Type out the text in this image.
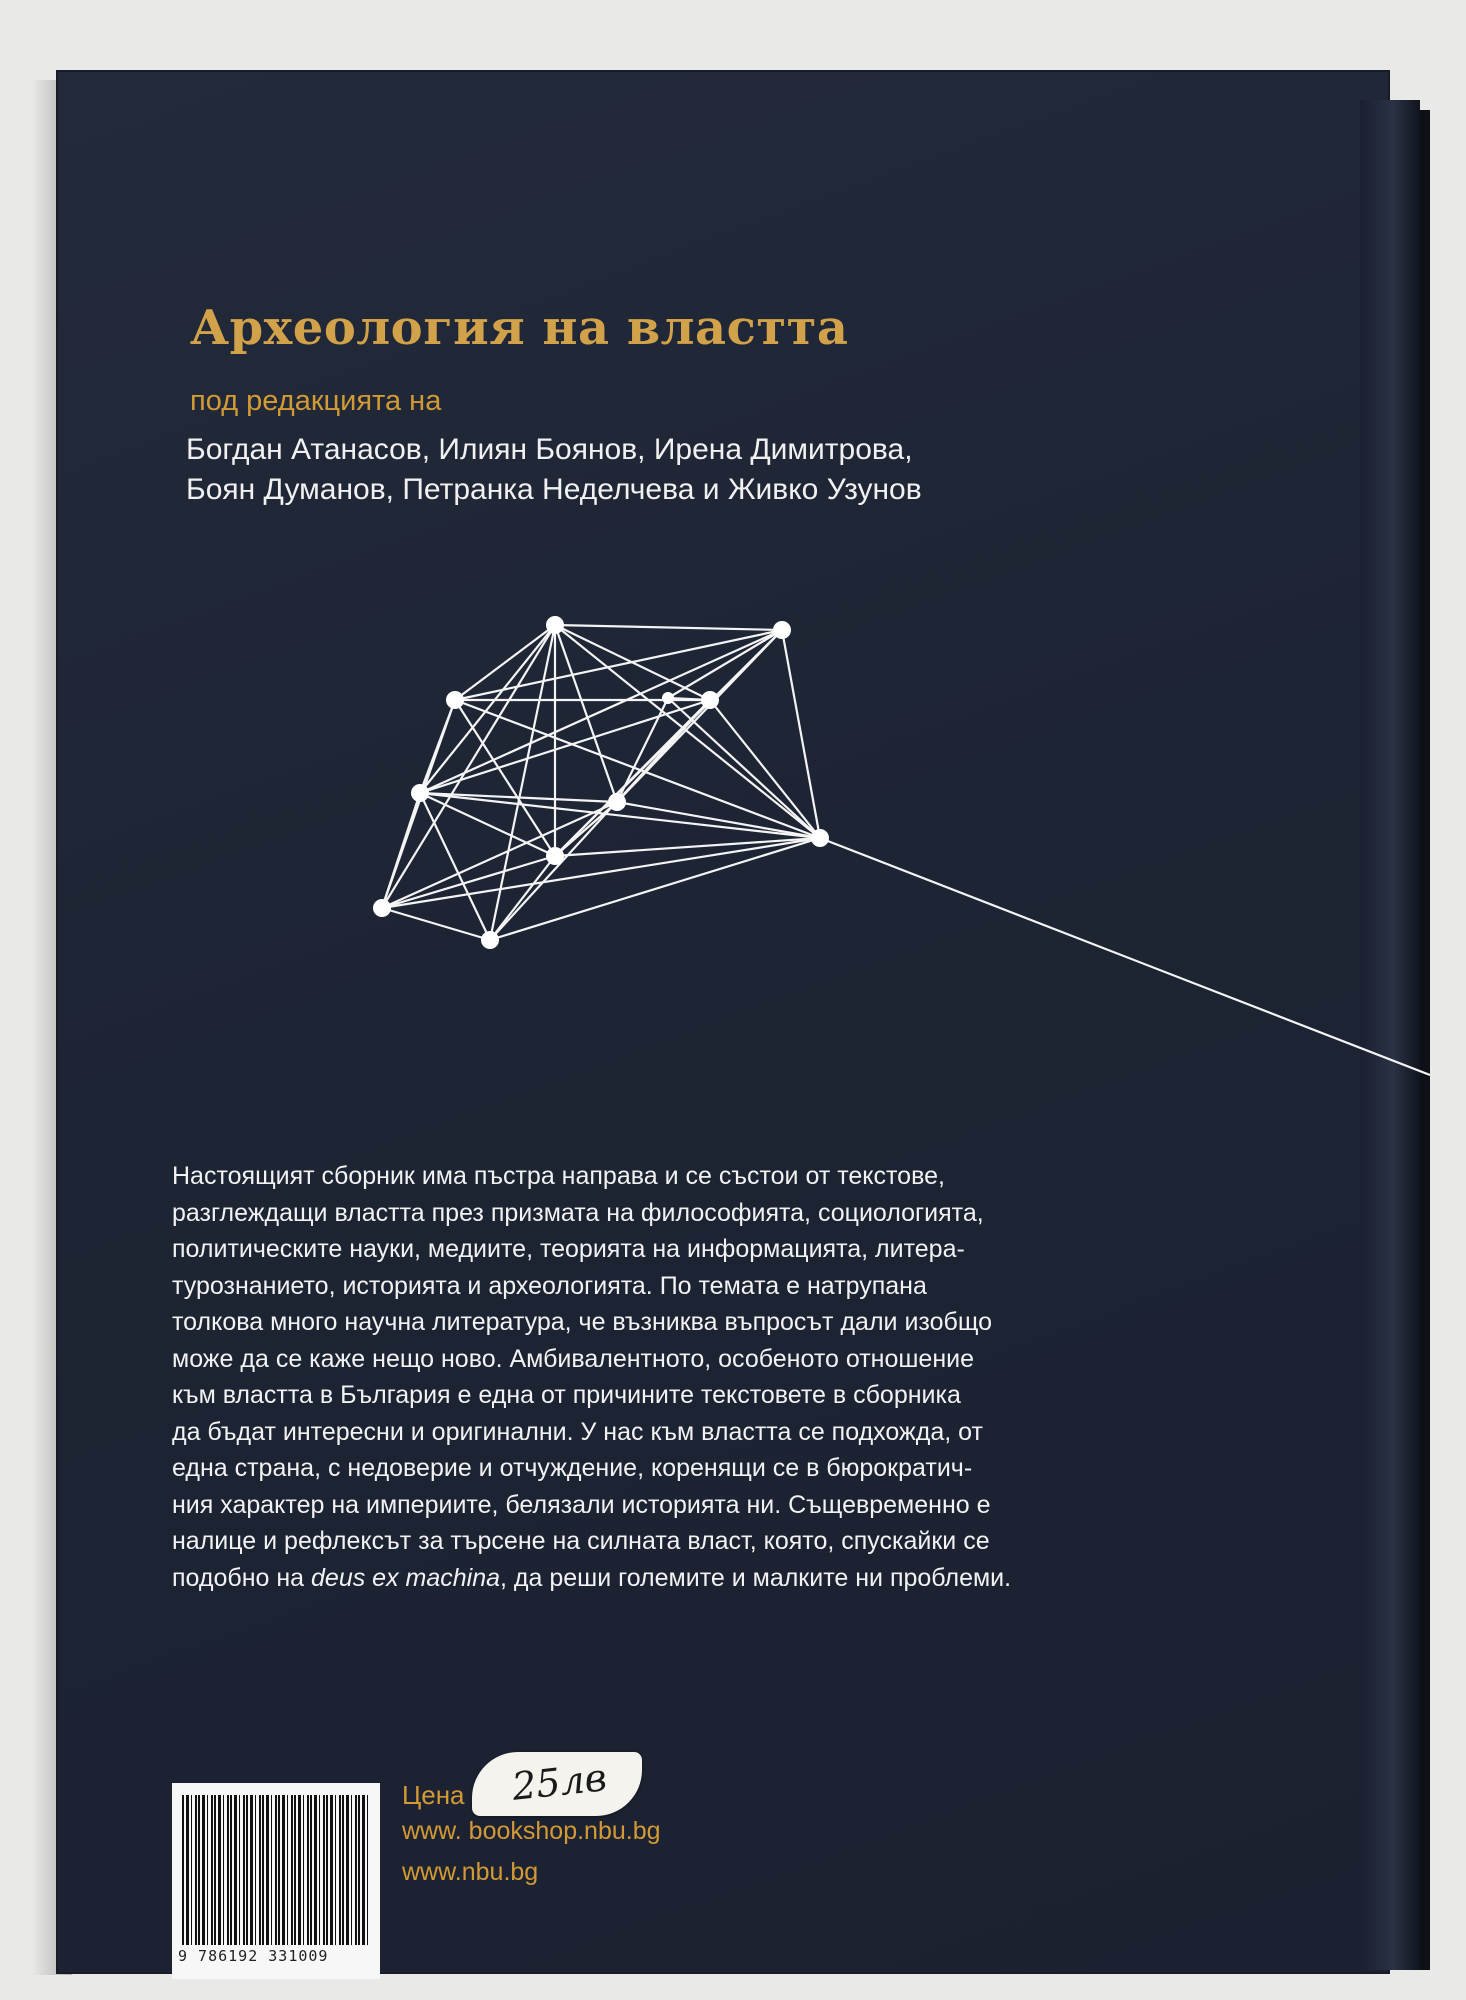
Археология на властта
под редакцията на
Богдан Атанасов, Илиян Боянов, Ирена Димитрова,
Боян Думанов, Петранка Неделчева и Живко Узунов
Настоящият сборник има пъстра направа и се състои от текстове,
разглеждащи властта през призмата на философията, социологията,
политическите науки, медиите, теорията на информацията, литера-
турознанието, историята и археологията. По темата е натрупана
толкова много научна литература, че възниква въпросът дали изобщо
може да се каже нещо ново. Амбивалентното, особеното отношение
към властта в България е една от причините текстовете в сборника
да бъдат интересни и оригинални. У нас към властта се подхожда, от
една страна, с недоверие и отчуждение, коренящи се в бюрократич-
ния характер на империите, белязали историята ни. Същевременно е
налице и рефлексът за търсене на силната власт, която, спускайки се
подобно на deus ex machina, да реши големите и малките ни проблеми.
9 786192 331009
Цена 25лв
www. bookshop.nbu.bg
www.nbu.bg
